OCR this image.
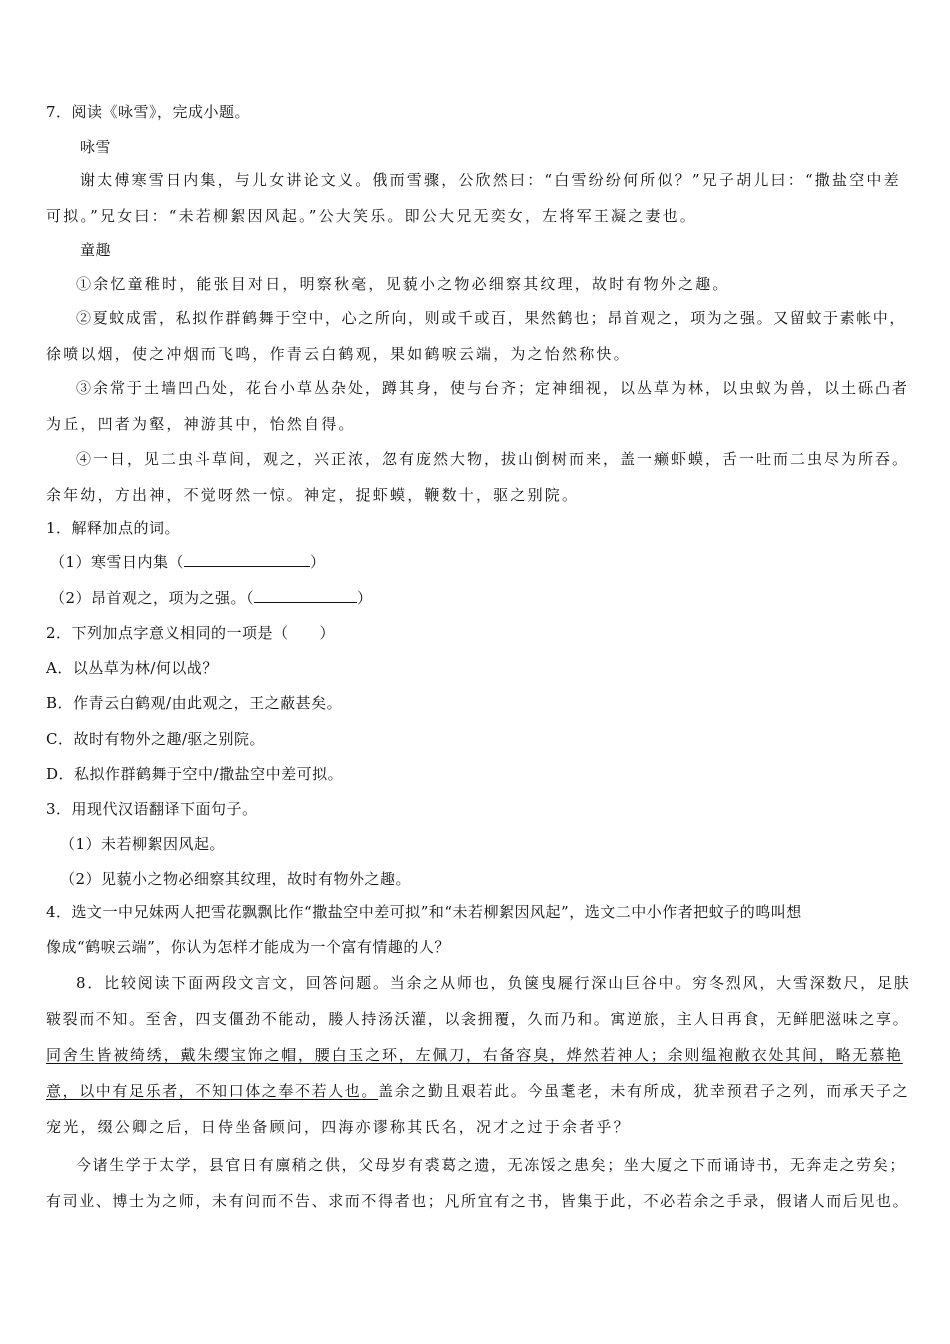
7．阅读《咏雪》，完成小题。
咏雪
谢太傅寒雪日内集，与儿女讲论文义。俄而雪骤，公欣然曰：“白雪纷纷何所似？”兄子胡儿曰：“撒盐空中差
可拟。”兄女曰：“未若柳絮因风起。”公大笑乐。即公大兄无奕女，左将军王凝之妻也。
童趣
①余忆童稚时，能张目对日，明察秋毫，见藐小之物必细察其纹理，故时有物外之趣。
②夏蚊成雷，私拟作群鹤舞于空中，心之所向，则或千或百，果然鹤也；昂首观之，项为之强。又留蚊于素帐中，
徐喷以烟，使之冲烟而飞鸣，作青云白鹤观，果如鹤唳云端，为之怡然称快。
③余常于土墙凹凸处，花台小草丛杂处，蹲其身，使与台齐；定神细视，以丛草为林，以虫蚁为兽，以土砾凸者
为丘，凹者为壑，神游其中，怡然自得。
④一日，见二虫斗草间，观之，兴正浓，忽有庞然大物，拔山倒树而来，盖一癞虾蟆，舌一吐而二虫尽为所吞。
余年幼，方出神，不觉呀然一惊。神定，捉虾蟆，鞭数十，驱之别院。
1．解释加点的词。
（1）寒雪日内集（	）
（2）昂首观之，项为之强。（	）
2．下列加点字意义相同的一项是（　　）
A．以丛草为林/何以战？
B．作青云白鹤观/由此观之，王之蔽甚矣。
C．故时有物外之趣/驱之别院。
D．私拟作群鹤舞于空中/撒盐空中差可拟。
3．用现代汉语翻译下面句子。
（1）未若柳絮因风起。
（2）见藐小之物必细察其纹理，故时有物外之趣。
4．选文一中兄妹两人把雪花飘飘比作“撒盐空中差可拟”和“未若柳絮因风起”，选文二中小作者把蚊子的鸣叫想
像成“鹤唳云端”，你认为怎样才能成为一个富有情趣的人？
8．比较阅读下面两段文言文，回答问题。当余之从师也，负箧曳屣行深山巨谷中。穷冬烈风，大雪深数尺，足肤
皲裂而不知。至舍，四支僵劲不能动，媵人持汤沃灌，以衾拥覆，久而乃和。寓逆旅，主人日再食，无鲜肥滋味之享。
同舍生皆被绮绣，戴朱缨宝饰之帽，腰白玉之环，左佩刀，右备容臭，烨然若神人；余则缊袍敝衣处其间，略无慕艳
意，以中有足乐者，不知口体之奉不若人也。盖余之勤且艰若此。今虽耄老，未有所成，犹幸预君子之列，而承天子之
宠光，缀公卿之后，日侍坐备顾问，四海亦谬称其氏名，况才之过于余者乎？
今诸生学于太学，县官日有廪稍之供，父母岁有裘葛之遗，无冻馁之患矣；坐大厦之下而诵诗书，无奔走之劳矣；
有司业、博士为之师，未有问而不告、求而不得者也；凡所宜有之书，皆集于此，不必若余之手录，假诸人而后见也。
